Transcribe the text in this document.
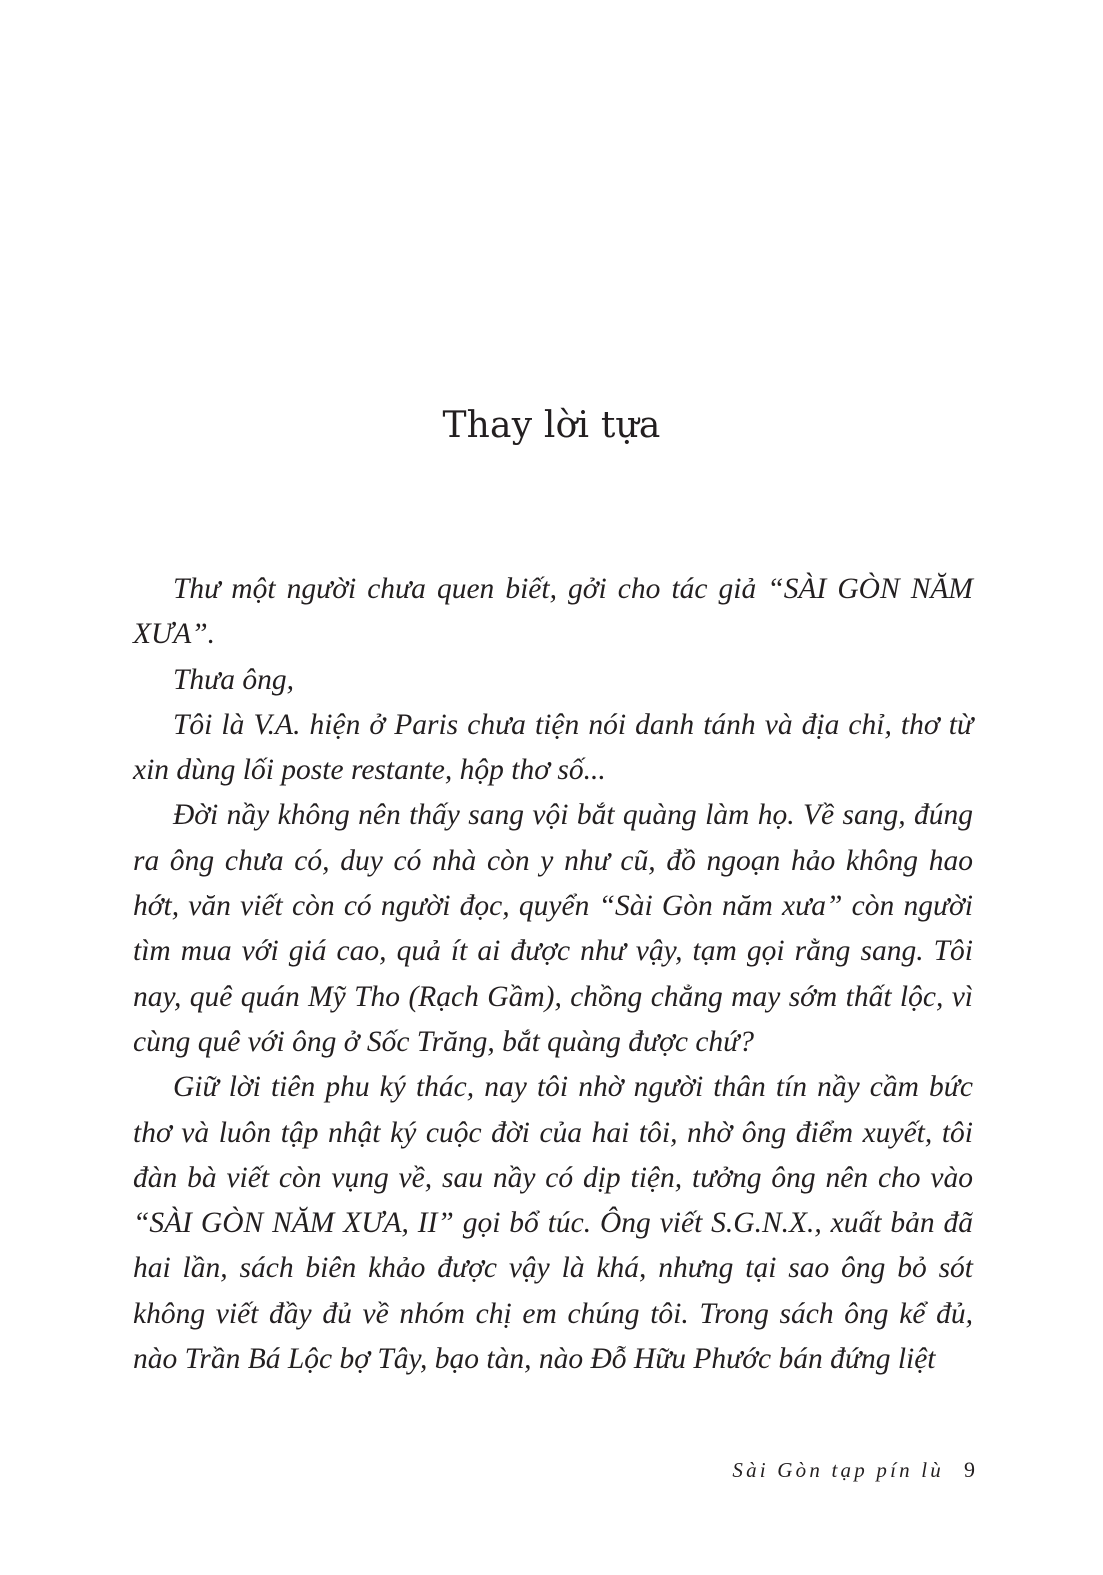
Thay lời tựa

Thư một người chưa quen biết, gởi cho tác giả “SÀI GÒN NĂM XƯA”.

Thưa ông,

Tôi là V.A. hiện ở Paris chưa tiện nói danh tánh và địa chỉ, thơ từ xin dùng lối poste restante, hộp thơ số...

Đời nầy không nên thấy sang vội bắt quàng làm họ. Về sang, đúng ra ông chưa có, duy có nhà còn y như cũ, đồ ngoạn hảo không hao hớt, văn viết còn có người đọc, quyển “Sài Gòn năm xưa” còn người tìm mua với giá cao, quả ít ai được như vậy, tạm gọi rằng sang. Tôi nay, quê quán Mỹ Tho (Rạch Gầm), chồng chẳng may sớm thất lộc, vì cùng quê với ông ở Sốc Trăng, bắt quàng được chứ?

Giữ lời tiên phu ký thác, nay tôi nhờ người thân tín nầy cầm bức thơ và luôn tập nhật ký cuộc đời của hai tôi, nhờ ông điểm xuyết, tôi đàn bà viết còn vụng về, sau nầy có dịp tiện, tưởng ông nên cho vào “SÀI GÒN NĂM XƯA, II” gọi bổ túc. Ông viết S.G.N.X., xuất bản đã hai lần, sách biên khảo được vậy là khá, nhưng tại sao ông bỏ sót không viết đầy đủ về nhóm chị em chúng tôi. Trong sách ông kể đủ, nào Trần Bá Lộc bợ Tây, bạo tàn, nào Đỗ Hữu Phước bán đứng liệt

Sài Gòn tạp pín lù 9
